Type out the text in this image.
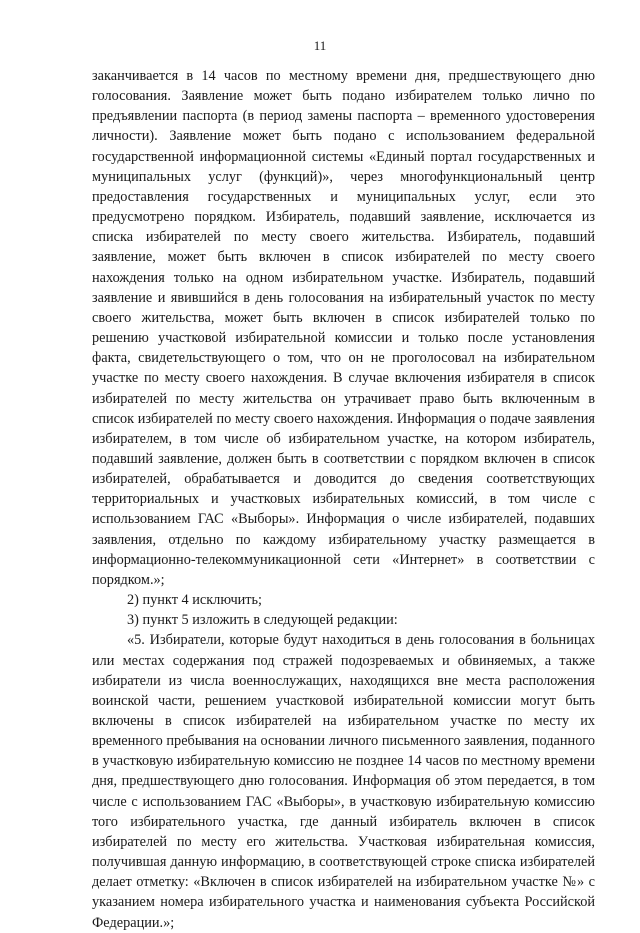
11

заканчивается в 14 часов по местному времени дня, предшествующего дню голосования. Заявление может быть подано избирателем только лично по предъявлении паспорта (в период замены паспорта – временного удостоверения личности). Заявление может быть подано с использованием федеральной государственной информационной системы «Единый портал государственных и муниципальных услуг (функций)», через многофункциональный центр предоставления государственных и муниципальных услуг, если это предусмотрено порядком. Избиратель, подавший заявление, исключается из списка избирателей по месту своего жительства. Избиратель, подавший заявление, может быть включен в список избирателей по месту своего нахождения только на одном избирательном участке. Избиратель, подавший заявление и явившийся в день голосования на избирательный участок по месту своего жительства, может быть включен в список избирателей только по решению участковой избирательной комиссии и только после установления факта, свидетельствующего о том, что он не проголосовал на избирательном участке по месту своего нахождения. В случае включения избирателя в список избирателей по месту жительства он утрачивает право быть включенным в список избирателей по месту своего нахождения. Информация о подаче заявления избирателем, в том числе об избирательном участке, на котором избиратель, подавший заявление, должен быть в соответствии с порядком включен в список избирателей, обрабатывается и доводится до сведения соответствующих территориальных и участковых избирательных комиссий, в том числе с использованием ГАС «Выборы». Информация о числе избирателей, подавших заявления, отдельно по каждому избирательному участку размещается в информационно-телекоммуникационной сети «Интернет» в соответствии с порядком.»;

2) пункт 4 исключить;

3) пункт 5 изложить в следующей редакции:

«5. Избиратели, которые будут находиться в день голосования в больницах или местах содержания под стражей подозреваемых и обвиняемых, а также избиратели из числа военнослужащих, находящихся вне места расположения воинской части, решением участковой избирательной комиссии могут быть включены в список избирателей на избирательном участке по месту их временного пребывания на основании личного письменного заявления, поданного в участковую избирательную комиссию не позднее 14 часов по местному времени дня, предшествующего дню голосования. Информация об этом передается, в том числе с использованием ГАС «Выборы», в участковую избирательную комиссию того избирательного участка, где данный избиратель включен в список избирателей по месту его жительства. Участковая избирательная комиссия, получившая данную информацию, в соответствующей строке списка избирателей делает отметку: «Включен в список избирателей на избирательном участке №» с указанием номера избирательного участка и наименования субъекта Российской Федерации.»;
